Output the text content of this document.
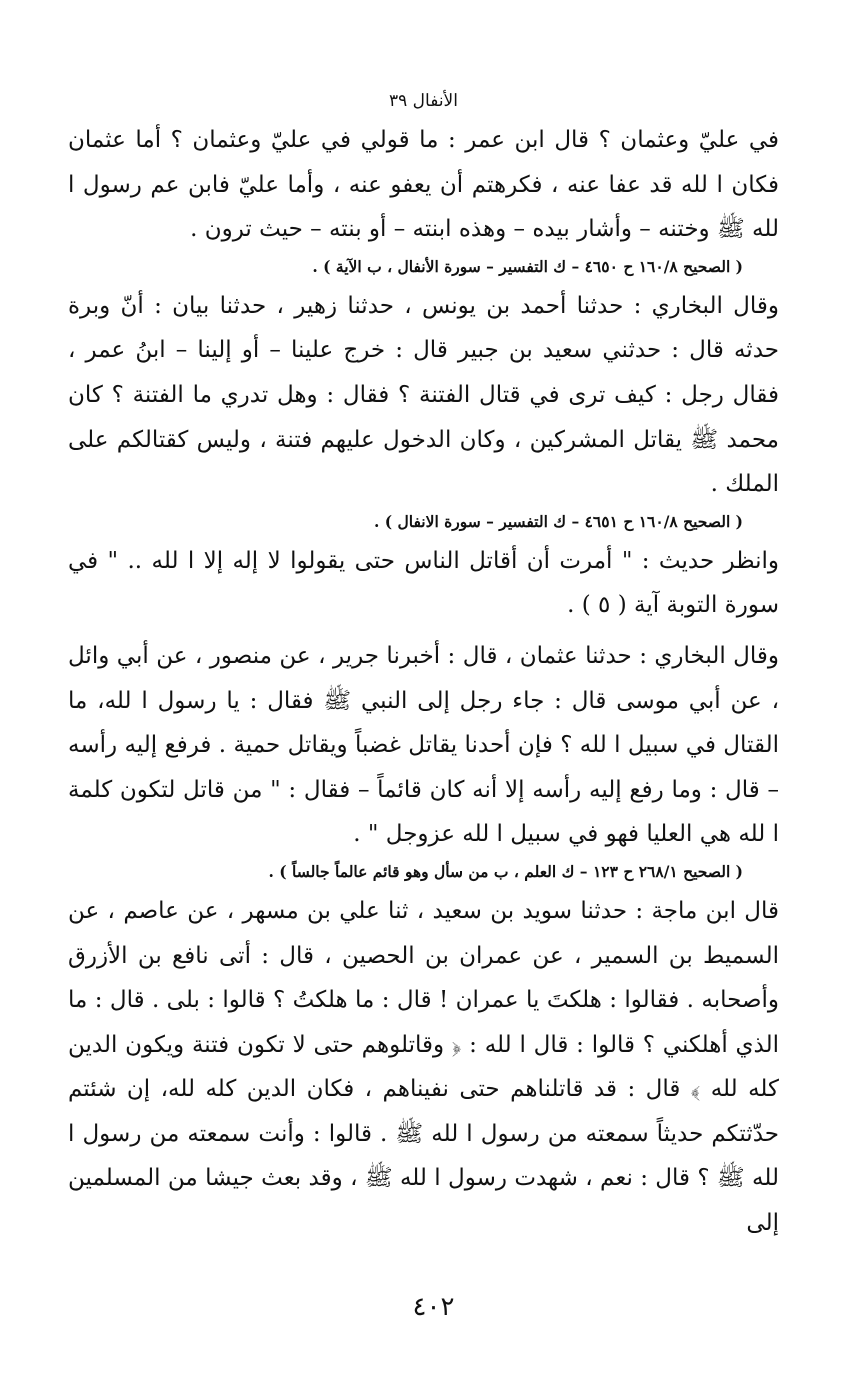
الأنفال ٣٩

في عليّ وعثمان ؟ قال ابن عمر : ما قولي في عليّ وعثمان ؟ أما عثمان فكان ا لله قد عفا عنه ، فكرهتم أن يعفو عنه ، وأما عليّ فابن عم رسول ا لله ﷺ وختنه – وأشار بيده – وهذه ابنته – أو بنته – حيث ترون .

( الصحيح ١٦٠/٨ ح ٤٦٥٠ – ك التفسير – سورة الأنفال ، ب الآية ) .

وقال البخاري : حدثنا أحمد بن يونس ، حدثنا زهير ، حدثنا بيان : أنّ وبرة حدثه قال : حدثني سعيد بن جبير قال : خرج علينا – أو إلينا – ابنُ عمر ، فقال رجل : كيف ترى في قتال الفتنة ؟ فقال : وهل تدري ما الفتنة ؟ كان محمد ﷺ يقاتل المشركين ، وكان الدخول عليهم فتنة ، وليس كقتالكم على الملك .

( الصحيح ١٦٠/٨ ح ٤٦٥١ – ك التفسير – سورة الانفال ) .

وانظر حديث : " أمرت أن أقاتل الناس حتى يقولوا لا إله إلا ا لله .. " في سورة التوبة آية ( ٥ ) .

وقال البخاري : حدثنا عثمان ، قال : أخبرنا جرير ، عن منصور ، عن أبي وائل ، عن أبي موسى قال : جاء رجل إلى النبي ﷺ فقال : يا رسول ا لله، ما القتال في سبيل ا لله ؟ فإن أحدنا يقاتل غضباً ويقاتل حمية . فرفع إليه رأسه – قال : وما رفع إليه رأسه إلا أنه كان قائماً – فقال : " من قاتل لتكون كلمة ا لله هي العليا فهو في سبيل ا لله عزوجل " .

( الصحيح ٢٦٨/١ ح ١٢٣ – ك العلم ، ب من سأل وهو قائم عالماً جالساً ) .

قال ابن ماجة : حدثنا سويد بن سعيد ، ثنا علي بن مسهر ، عن عاصم ، عن السميط بن السمير ، عن عمران بن الحصين ، قال : أتى نافع بن الأزرق وأصحابه . فقالوا : هلكتَ يا عمران ! قال : ما هلكتُ ؟ قالوا : بلى . قال : ما الذي أهلكني ؟ قالوا : قال ا لله : ﴿ وقاتلوهم حتى لا تكون فتنة ويكون الدين كله لله ﴾ قال : قد قاتلناهم حتى نفيناهم ، فكان الدين كله لله، إن شئتم حدّثتكم حديثاً سمعته من رسول ا لله ﷺ . قالوا : وأنت سمعته من رسول ا لله ﷺ ؟ قال : نعم ، شهدت رسول ا لله ﷺ ، وقد بعث جيشا من المسلمين إلى

٤٠٢
